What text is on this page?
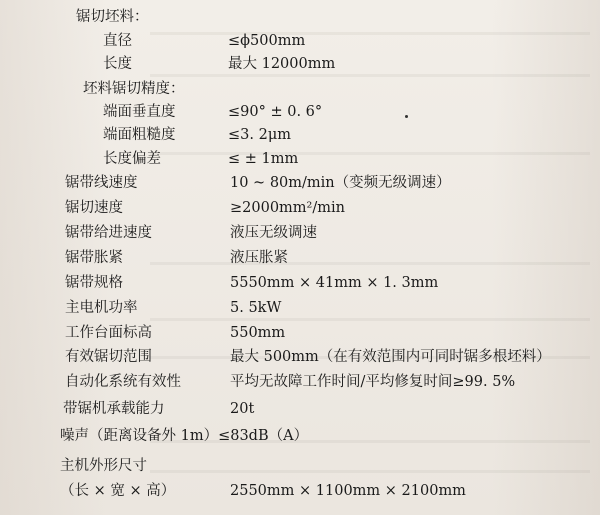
锯切坯料：
直径	≤ϕ500mm
长度	最大 12000mm
坯料锯切精度：
端面垂直度	≤90° ± 0. 6°
端面粗糙度	≤3. 2μm
长度偏差	≤ ± 1mm
锯带线速度	10 ~ 80m/min（变频无级调速）
锯切速度	≥2000mm²/min
锯带给进速度	液压无级调速
锯带胀紧	液压胀紧
锯带规格	5550mm × 41mm × 1. 3mm
主电机功率	5. 5kW
工作台面标高	550mm
有效锯切范围	最大 500mm（在有效范围内可同时锯多根坯料）
自动化系统有效性	平均无故障工作时间/平均修复时间≥99. 5%
带锯机承载能力	20t
噪声（距离设备外 1m）≤83dB（A）
主机外形尺寸
（长 × 宽 × 高）	2550mm × 1100mm × 2100mm
